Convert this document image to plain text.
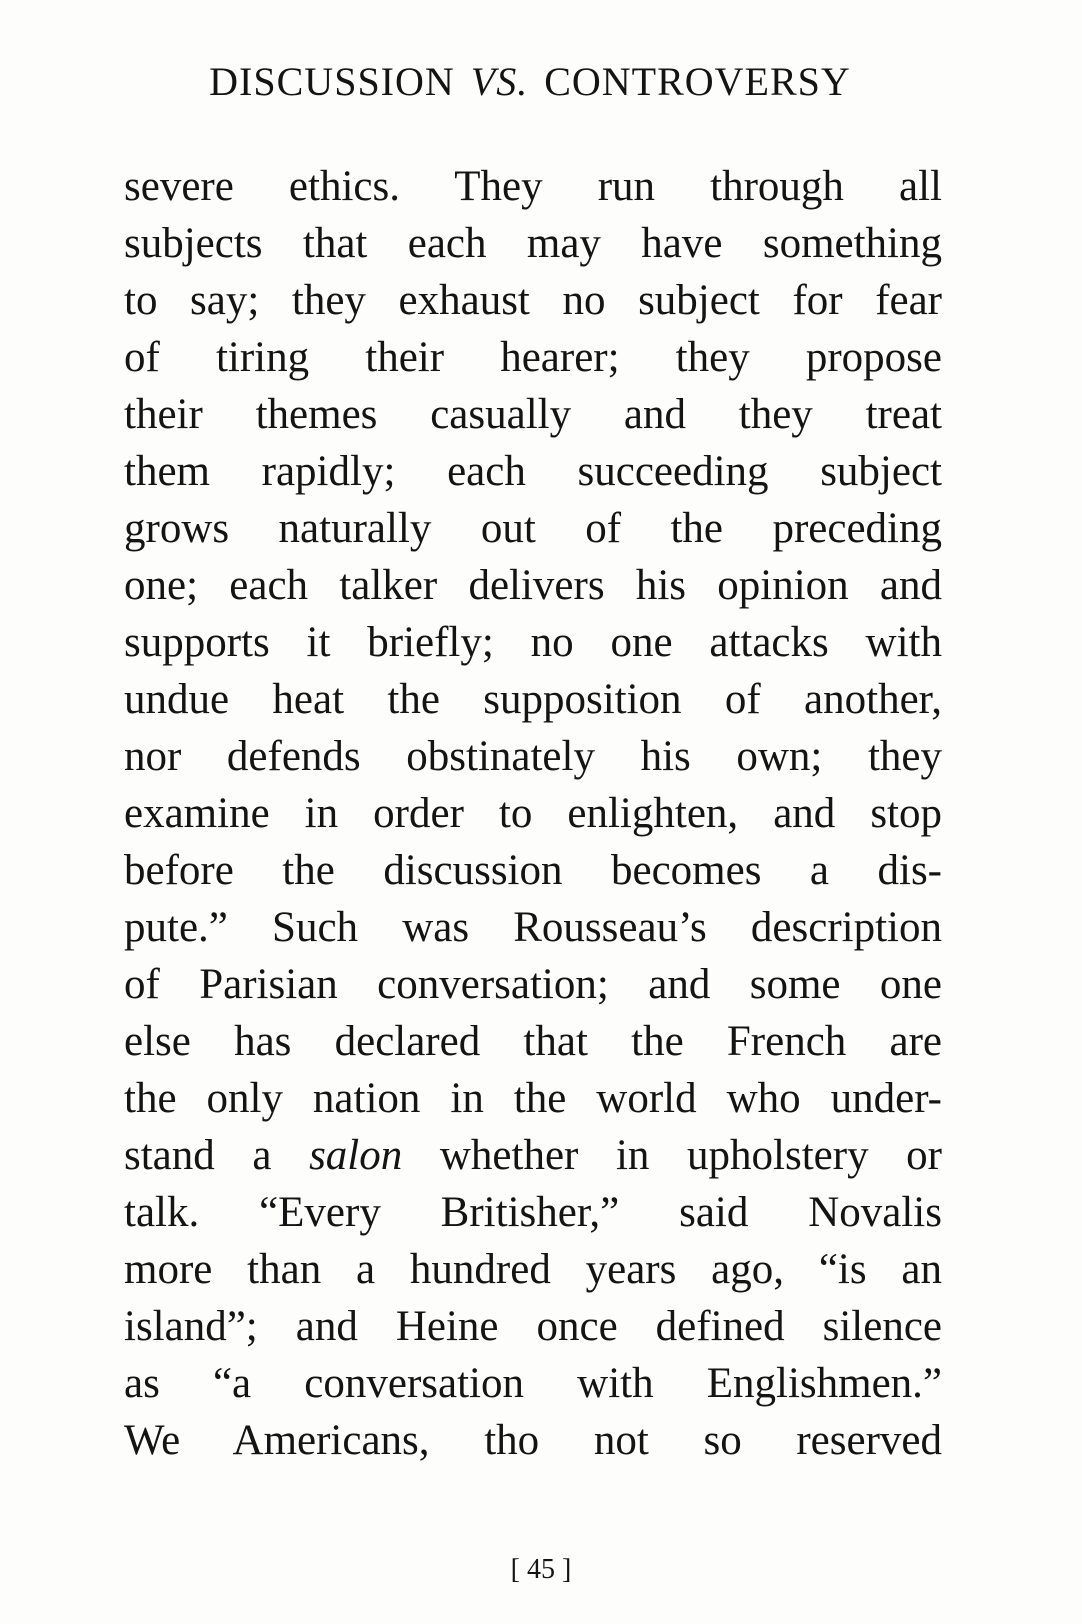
DISCUSSION VS. CONTROVERSY
severe ethics. They run through all
subjects that each may have something
to say; they exhaust no subject for fear
of tiring their hearer; they propose
their themes casually and they treat
them rapidly; each succeeding subject
grows naturally out of the preceding
one; each talker delivers his opinion and
supports it briefly; no one attacks with
undue heat the supposition of another,
nor defends obstinately his own; they
examine in order to enlighten, and stop
before the discussion becomes a dis-
pute.” Such was Rousseau’s description
of Parisian conversation; and some one
else has declared that the French are
the only nation in the world who under-
stand a salon whether in upholstery or
talk. “Every Britisher,” said Novalis
more than a hundred years ago, “is an
island”; and Heine once defined silence
as “a conversation with Englishmen.”
We Americans, tho not so reserved
[ 45 ]
